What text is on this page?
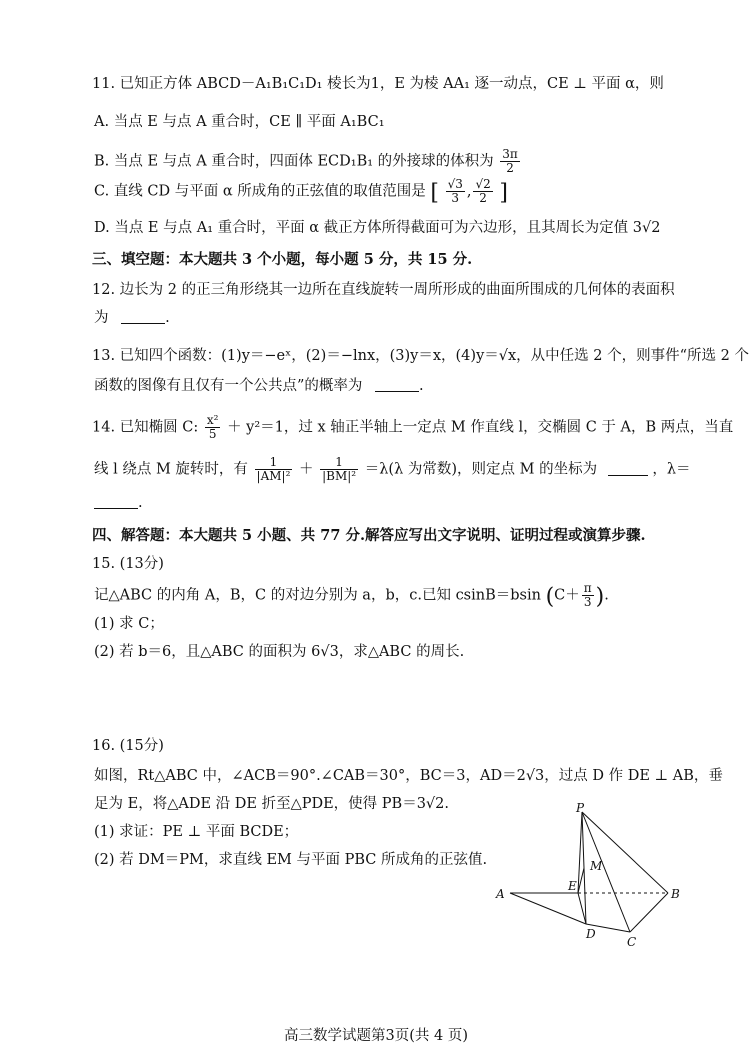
11. 已知正方体 ABCD－A₁B₁C₁D₁ 棱长为1，E 为棱 AA₁ 逐一动点，CE ⊥ 平面 α，则
A. 当点 E 与点 A 重合时，CE ∥ 平面 A₁BC₁
B. 当点 E 与点 A 重合时，四面体 ECD₁B₁ 的外接球的体积为 $\frac{3\pi}{2}$
C. 直线 CD 与平面 α 所成角的正弦值的取值范围是 [ $\frac{√3}{3}$ , $\frac{√2}{2}$ ]
D. 当点 E 与点 A₁ 重合时，平面 α 截正方体所得截面可为六边形，且其周长为定值 3√2
三、填空题：本大题共 3 个小题，每小题 5 分，共 15 分.
12. 边长为 2 的正三角形绕其一边所在直线旋转一周所形成的曲面所围成的几何体的表面积
为	.
13. 已知四个函数：(1)y＝−eˣ，(2)＝−lnx，(3)y＝x，(4)y＝√x，从中任选 2 个，则事件“所选 2 个
函数的图像有且仅有一个公共点”的概率为	.
14. 已知椭圆 C: $\frac{\text{x²}}{5} + y^2=1$，过 x 轴正半轴上一定点 M 作直线 l，交椭圆 C 于 A，B 两点，当直
线 l 绕点 M 旋转时，有 $\frac{1}{\text{|AM|²}} + \frac{1}{\text{|BM|²}} =\lambda(\lambda$ 为常数)，则定点 M 的坐标为	，λ＝
.
四、解答题：本大题共 5 小题、共 77 分.解答应写出文字说明、证明过程或演算步骤.
15. (13分)
记△ABC 的内角 A，B，C 的对边分别为 a，b，c.已知 csinB＝bsin ($C+ \frac{\pi}{3}$ ).
(1) 求 C；
(2) 若 b＝6，且△ABC 的面积为 6√3，求△ABC 的周长.
16. (15分)
如图，Rt△ABC 中，∠ACB＝90°.∠CAB＝30°，BC＝3，AD＝2√3，过点 D 作 DE ⊥ AB，垂
足为 E，将△ADE 沿 DE 折至△PDE，使得 PB＝3√2.
(1) 求证：PE ⊥ 平面 BCDE；
(2) 若 DM＝PM，求直线 EM 与平面 PBC 所成角的正弦值.
P
M
E
A	B
D
C
高三数学试题第3页(共 4 页)
